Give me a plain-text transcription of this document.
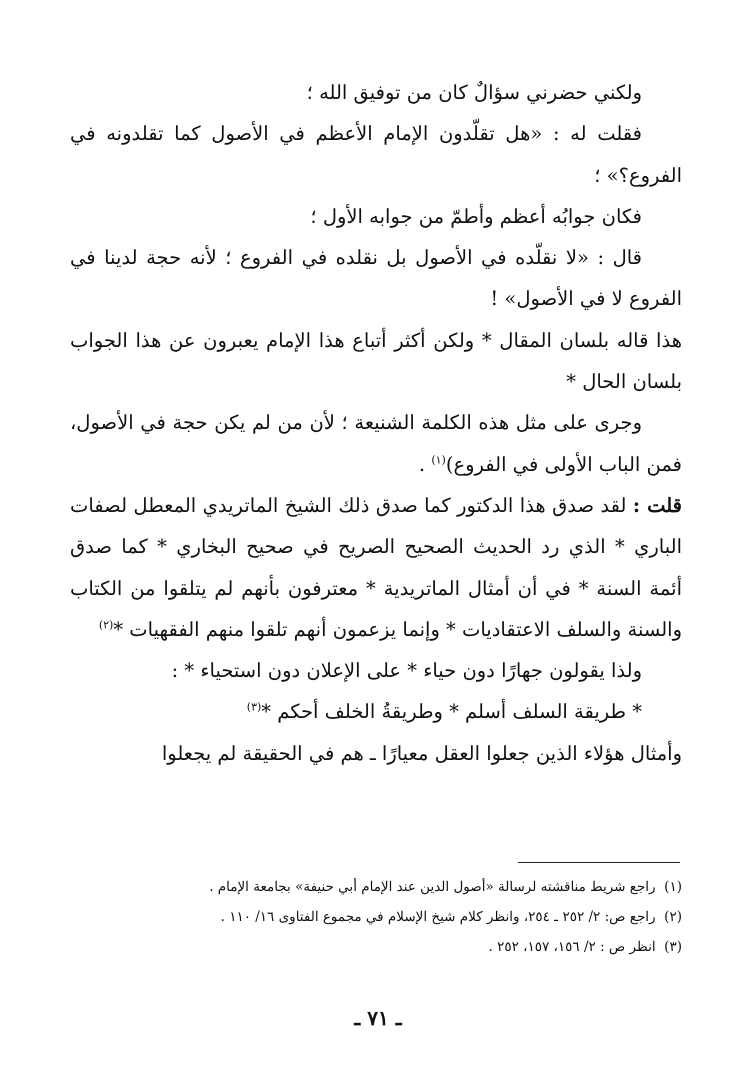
ولكني حضرني سؤالٌ كان من توفيق الله ؛

فقلت له : «هل تقلّدون الإمام الأعظم في الأصول كما تقلدونه في الفروع؟» ؛

فكان جوابُه أعظم وأطمّ من جوابه الأول ؛

قال : «لا نقلّده في الأصول بل نقلده في الفروع ؛ لأنه حجة لدينا في الفروع لا في الأصول» !

هذا قاله بلسان المقال * ولكن أكثر أتباع هذا الإمام يعبرون عن هذا الجواب بلسان الحال *

وجرى على مثل هذه الكلمة الشنيعة ؛ لأن من لم يكن حجة في الأصول، فمن الباب الأولى في الفروع)$^{(١)}$ .

قلت : لقد صدق هذا الدكتور كما صدق ذلك الشيخ الماتريدي المعطل لصفات الباري * الذي رد الحديث الصحيح الصريح في صحيح البخاري * كما صدق أئمة السنة * في أن أمثال الماتريدية * معترفون بأنهم لم يتلقوا من الكتاب والسنة والسلف الاعتقاديات * وإنما يزعمون أنهم تلقوا منهم الفقهيات *$^{(٢)}$

ولذا يقولون جهارًا دون حياء * على الإعلان دون استحياء * :

* طريقة السلف أسلم * وطريقةُ الخلف أحكم *$^{(٣)}$

وأمثال هؤلاء الذين جعلوا العقل معيارًا ـ هم في الحقيقة لم يجعلوا

(١)  راجع شريط مناقشته لرسالة «أصول الدين عند الإمام أبي حنيفة» بجامعة الإمام .

(٢)  راجع ص: ٢/ ٢٥٢ ـ ٢٥٤، وانظر كلام شيخ الإسلام في مجموع الفتاوى ١٦/ ١١٠ .

(٣)  انظر ص : ٢/ ١٥٦، ١٥٧، ٢٥٢ .

ـ ٧١ ـ
